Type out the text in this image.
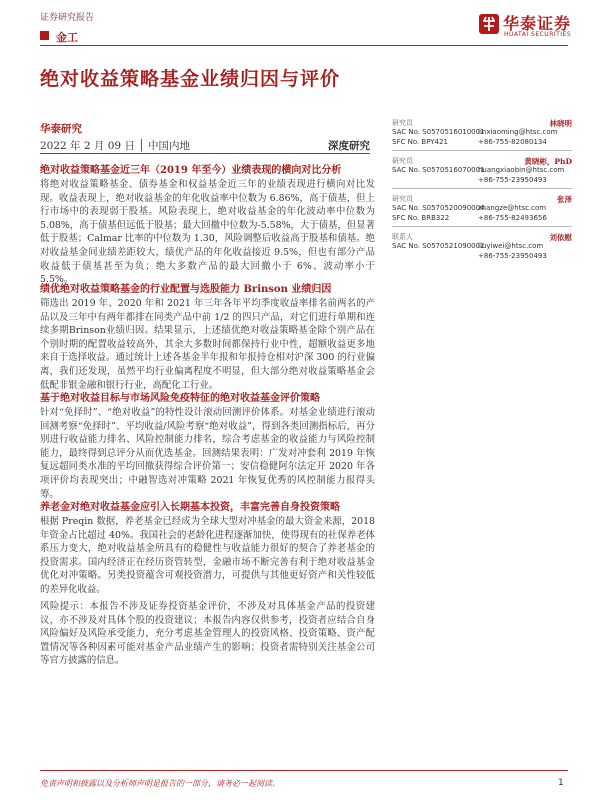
证券研究报告
金工
华泰证券
HUATAI SECURITIES
绝对收益策略基金业绩归因与评价
华泰研究
2022 年 2 月 09 日 │ 中国内地	深度研究
绝对收益策略基金近三年（2019 年至今）业绩表现的横向对比分析
将绝对收益策略基金、债券基金和权益基金近三年的业绩表现进行横向对比发现。收益表现上，绝对收益基金的年化收益率中位数为 6.86%，高于债基，但上行市场中的表现弱于股基。风险表现上，绝对收益基金的年化波动率中位数为 5.08%，高于债基但远低于股基；最大回撤中位数为-5.58%，大于债基，但显著低于股基；Calmar 比率的中位数为 1.30，风险调整后收益高于股基和债基。绝对收益基金间业绩差距较大，绩优产品的年化收益接近 9.5%，但也有部分产品收益低于债基甚至为负；绝大多数产品的最大回撤小于 6%、波动率小于 5.5%。
绩优绝对收益策略基金的行业配置与选股能力 Brinson 业绩归因
筛选出 2019 年、2020 年和 2021 年三年各年平均季度收益率排名前两名的产品以及三年中有两年都排在同类产品中前 1/2 的四只产品，对它们进行单期和连续多期Brinson业绩归因。结果显示，上述绩优绝对收益策略基金除个别产品在个别时期的配置收益较高外，其余大多数时间都保持行业中性，超额收益更多地来自于选择收益。通过统计上述各基金半年报和年报持仓相对沪深 300 的行业偏离，我们还发现，虽然平均行业偏离程度不明显，但大部分绝对收益策略基金会低配非银金融和银行行业，高配化工行业。
基于绝对收益目标与市场风险免疫特征的绝对收益基金评价策略
针对“免择时”、“绝对收益”的特性设计滚动回测评价体系。对基金业绩进行滚动回测考察“免择时”、平均收益/风险考察“绝对收益”，得到各类回测指标后，再分别进行收益能力排名、风险控制能力排名，综合考虑基金的收益能力与风险控制能力，最终得到总评分从而优选基金。回测结果表明：广发对冲套利 2019 年恢复远超同类水准的平均回撤获得综合评价第一；安信稳健阿尔法定开 2020 年各项评价均表现突出；中融智选对冲策略 2021 年恢复优秀的风控制能力报得头筹。
养老金对绝对收益基金应引入长期基本投资，丰富完善自身投资策略
根据 Preqin 数据，养老基金已经成为全球大型对冲基金的最大资金来源，2018 年资金占比超过 40%。我国社会的老龄化进程逐渐加快，使得现有的社保养老体系压力变大，绝对收益基金所具有的稳健性与收益能力很好的契合了养老基金的投资需求。国内经济正在经历资管转型，金融市场不断完善有利于绝对收益基金优化对冲策略。另类投资蕴含可观投资潜力，可提供与其他更好资产和关性较低的差异化收益。
风险提示：本报告不涉及证券投资基金评价，不涉及对具体基金产品的投资建议，亦不涉及对具体个股的投资建议；本报告内容仅供参考，投资者应结合自身风险偏好及风险承受能力，充分考虑基金管理人的投资风格、投资策略、资产配置情况等各种因素可能对基金产品业绩产生的影响；投资者需特别关注基金公司等官方披露的信息。
研究员	林晓明
SAC No. S0570516010001
linxiaoming@htsc.com
SFC No. BPY421	+86-755-82080134
研究员	黄晓彬，PhD
SAC No. S0570516070001
huangxiaobin@htsc.com
+86-755-23950493
研究员	张泽
SAC No. S0570520090004
zhangze@htsc.com
SFC No. BRB322	+86-755-82493656
联系人	刘依慰
SAC No. S0570521090002
liuyiwei@htsc.com
+86-755-23950493
免责声明和披露以及分析师声明是报告的一部分，请务必一起阅读。	1
